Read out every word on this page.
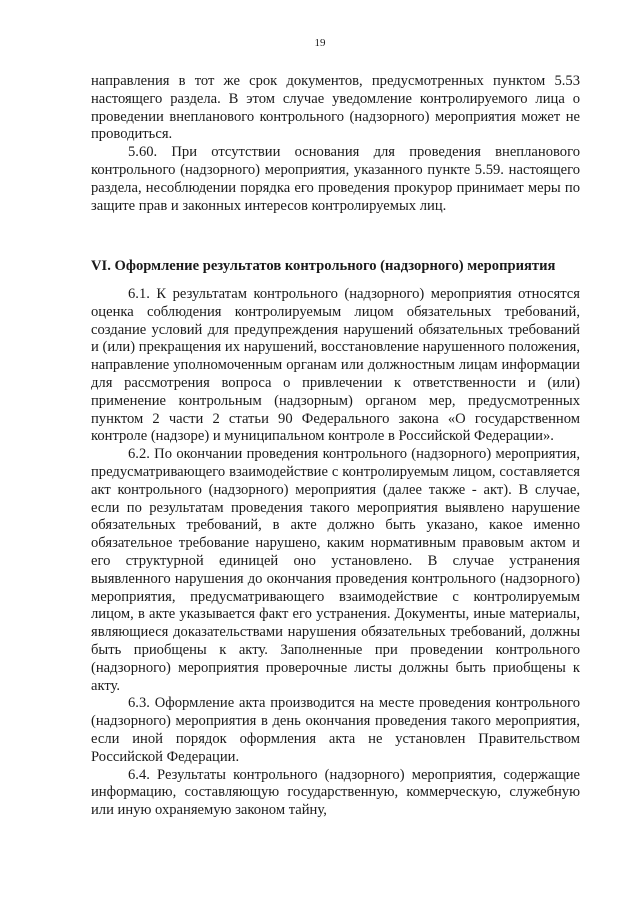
19

направления в тот же срок документов, предусмотренных пунктом 5.53 настоящего раздела. В этом случае уведомление контролируемого лица о проведении внепланового контрольного (надзорного) мероприятия может не проводиться.

5.60. При отсутствии основания для проведения внепланового контрольного (надзорного) мероприятия, указанного пункте 5.59. настоящего раздела, несоблюдении порядка его проведения прокурор принимает меры по защите прав и законных интересов контролируемых лиц.

VI. Оформление результатов контрольного (надзорного) мероприятия

6.1. К результатам контрольного (надзорного) мероприятия относятся оценка соблюдения контролируемым лицом обязательных требований, создание условий для предупреждения нарушений обязательных требований и (или) прекращения их нарушений, восстановление нарушенного положения, направление уполномоченным органам или должностным лицам информации для рассмотрения вопроса о привлечении к ответственности и (или) применение контрольным (надзорным) органом мер, предусмотренных пунктом 2 части 2 статьи 90 Федерального закона «О государственном контроле (надзоре) и муниципальном контроле в Российской Федерации».

6.2. По окончании проведения контрольного (надзорного) мероприятия, предусматривающего взаимодействие с контролируемым лицом, составляется акт контрольного (надзорного) мероприятия (далее также - акт). В случае, если по результатам проведения такого мероприятия выявлено нарушение обязательных требований, в акте должно быть указано, какое именно обязательное требование нарушено, каким нормативным правовым актом и его структурной единицей оно установлено. В случае устранения выявленного нарушения до окончания проведения контрольного (надзорного) мероприятия, предусматривающего взаимодействие с контролируемым лицом, в акте указывается факт его устранения. Документы, иные материалы, являющиеся доказательствами нарушения обязательных требований, должны быть приобщены к акту. Заполненные при проведении контрольного (надзорного) мероприятия проверочные листы должны быть приобщены к акту.

6.3. Оформление акта производится на месте проведения контрольного (надзорного) мероприятия в день окончания проведения такого мероприятия, если иной порядок оформления акта не установлен Правительством Российской Федерации.

6.4. Результаты контрольного (надзорного) мероприятия, содержащие информацию, составляющую государственную, коммерческую, служебную или иную охраняемую законом тайну,
